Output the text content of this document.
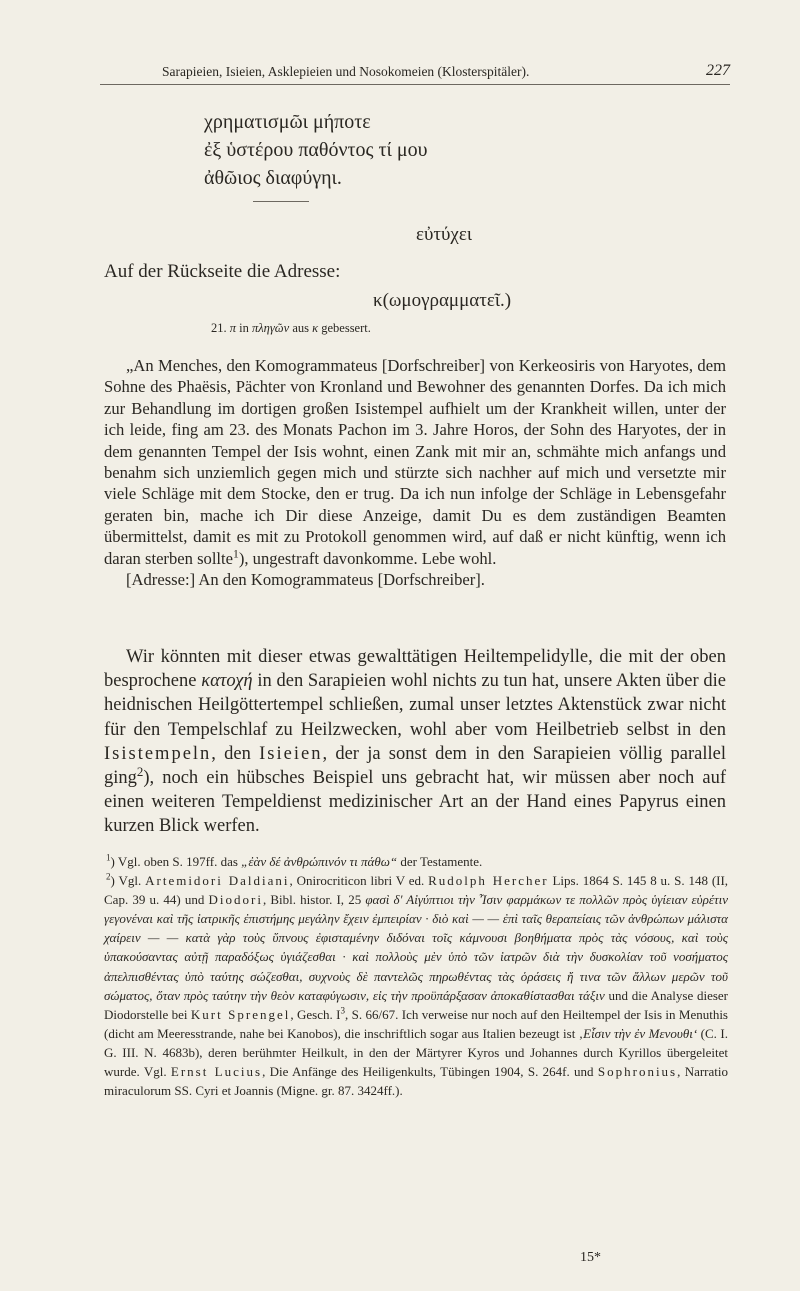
Sarapieien, Isieien, Asklepieien und Nosokomeien (Klosterspitäler).	227
χρηματισμῶι μήποτε
ἐξ ὑστέρου παθόντος τί μου
ἀθῶιος διαφύγηι.
εὐτύχει
Auf der Rückseite die Adresse:
κ(ωμογραμματεῖ.)
21. π in πληγῶν aus κ gebessert.

„An Menches, den Komogrammateus [Dorfschreiber] von Kerkeosiris von Haryotes, dem Sohne des Phaësis, Pächter von Kronland und Bewohner des genannten Dorfes. Da ich mich zur Behandlung im dortigen großen Isistempel aufhielt um der Krankheit willen, unter der ich leide, fing am 23. des Monats Pachon im 3. Jahre Horos, der Sohn des Haryotes, der in dem genannten Tempel der Isis wohnt, einen Zank mit mir an, schmähte mich anfangs und benahm sich unziemlich gegen mich und stürzte sich nachher auf mich und versetzte mir viele Schläge mit dem Stocke, den er trug. Da ich nun infolge der Schläge in Lebensgefahr geraten bin, mache ich Dir diese Anzeige, damit Du es dem zuständigen Beamten übermittelst, damit es mit zu Protokoll genommen wird, auf daß er nicht künftig, wenn ich daran sterben sollte$^1$), ungestraft davonkomme. Lebe wohl.

[Adresse:] An den Komogrammateus [Dorfschreiber].

Wir könnten mit dieser etwas gewalttätigen Heiltempelidylle, die mit der oben besprochene κατοχή in den Sarapieien wohl nichts zu tun hat, unsere Akten über die heidnischen Heilgöttertempel schließen, zumal unser letztes Aktenstück zwar nicht für den Tempelschlaf zu Heilzwecken, wohl aber vom Heilbetrieb selbst in den Isistempeln, den Isieien, der ja sonst dem in den Sarapieien völlig parallel ging$^2$), noch ein hübsches Beispiel uns gebracht hat, wir müssen aber noch auf einen weiteren Tempeldienst medizinischer Art an der Hand eines Papyrus einen kurzen Blick werfen.

$^1$) Vgl. oben S. 197ff. das „ἐὰν δέ ἀνθρώπινόν τι πάθω“ der Testamente.

$^2$) Vgl. Artemidori Daldiani, Onirocriticon libri V ed. Rudolph Hercher Lips. 1864 S. 145 8 u. S. 148 (II, Cap. 39 u. 44) und Diodori, Bibl. histor. I, 25 φασὶ δ' Αἰγύπτιοι τὴν Ἶσιν φαρμάκων τε πολλῶν πρὸς ὑγίειαν εὑρέτιν γεγονέναι καὶ τῆς ἰατρικῆς ἐπιστήμης μεγάλην ἔχειν ἐμπειρίαν · διὸ καὶ — — ἐπὶ ταῖς θεραπείαις τῶν ἀνθρώπων μάλιστα χαίρειν — — κατὰ γὰρ τοὺς ὕπνους ἐφισταμένην διδόναι τοῖς κάμνουσι βοηθήματα πρὸς τὰς νόσους, καὶ τοὺς ὑπακούσαντας αὐτῇ παραδόξως ὑγιάζεσθαι · καὶ πολλοὺς μὲν ὑπὸ τῶν ἰατρῶν διὰ τὴν δυσκολίαν τοῦ νοσήματος ἀπελπισθέντας ὑπὸ ταύτης σώζεσθαι, συχνοὺς δὲ παντελῶς πηρωθέντας τὰς ὁράσεις ἤ τινα τῶν ἄλλων μερῶν τοῦ σώματος, ὅταν πρὸς ταύτην τὴν θεὸν καταφύγωσιν, εἰς τὴν προϋπάρξασαν ἀποκαθίστασθαι τάξιν und die Analyse dieser Diodorstelle bei Kurt Sprengel, Gesch. $I^3$, S. 66/67. Ich verweise nur noch auf den Heiltempel der Isis in Menuthis (dicht am Meeresstrande, nahe bei Kanobos), die inschriftlich sogar aus Italien bezeugt ist ‚Εἶσιν τὴν ἐν Μενουθι‘ (C. I. G. III. N. 4683b), deren berühmter Heilkult, in den der Märtyrer Kyros und Johannes durch Kyrillos übergeleitet wurde. Vgl. Ernst Lucius, Die Anfänge des Heiligenkults, Tübingen 1904, S. 264f. und Sophronius, Narratio miraculorum SS. Cyri et Joannis (Migne. gr. 87. 3424ff.).

15*
